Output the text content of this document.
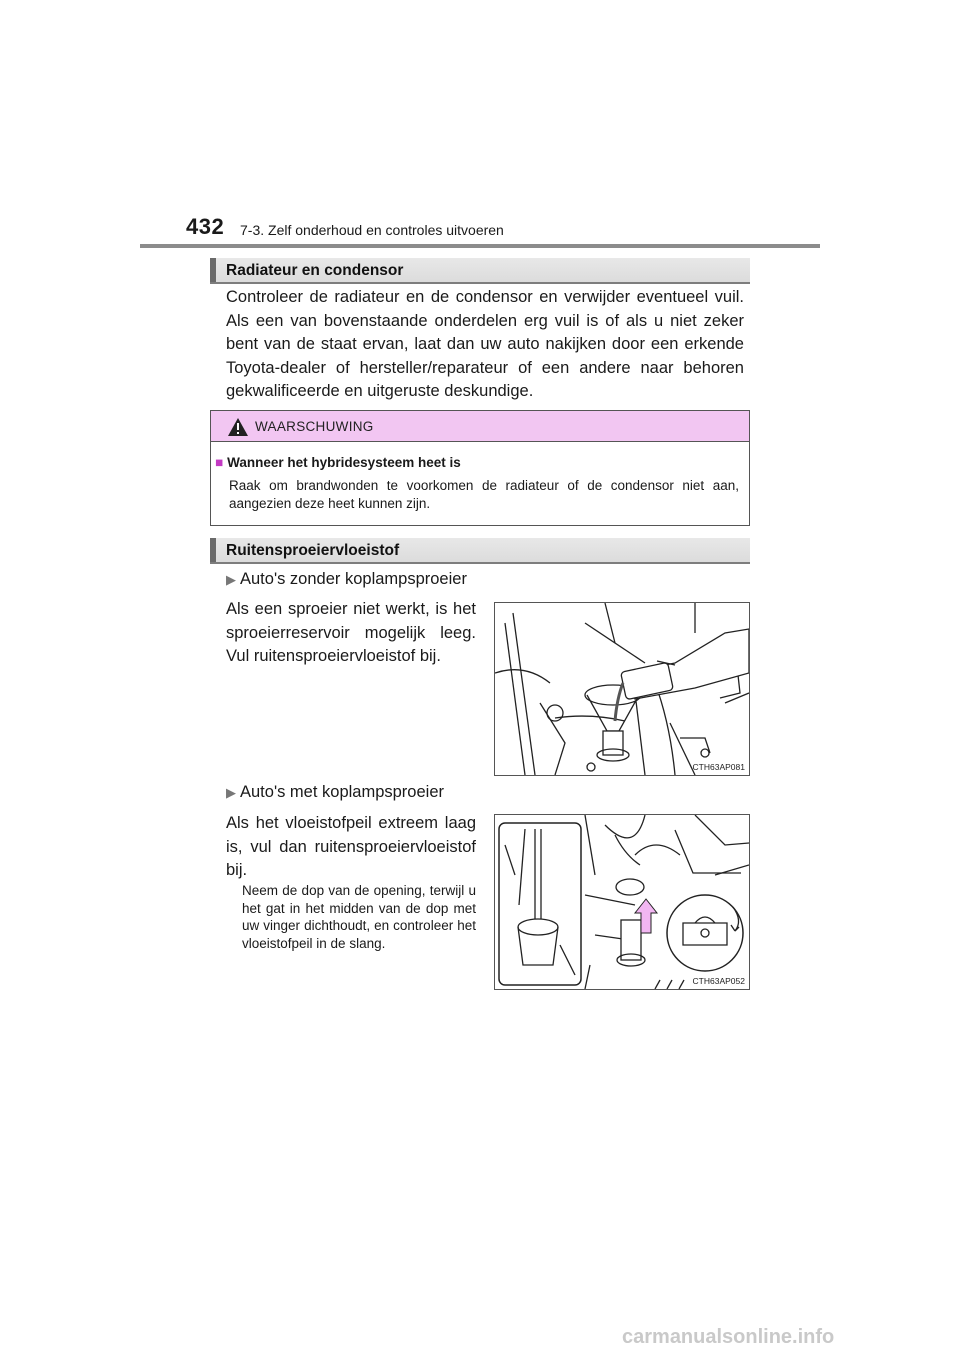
432 7-3. Zelf onderhoud en controles uitvoeren
Radiateur en condensor
Controleer de radiateur en de condensor en verwijder eventueel vuil. Als een van bovenstaande onderdelen erg vuil is of als u niet zeker bent van de staat ervan, laat dan uw auto nakijken door een erkende Toyota-dealer of hersteller/reparateur of een andere naar behoren gekwalificeerde en uitgeruste deskundige.
WAARSCHUWING
■ Wanneer het hybridesysteem heet is
Raak om brandwonden te voorkomen de radiateur of de condensor niet aan, aangezien deze heet kunnen zijn.
Ruitensproeiervloeistof
▶ Auto's zonder koplampsproeier
Als een sproeier niet werkt, is het sproeierreservoir mogelijk leeg. Vul ruitensproeiervloeistof bij.
CTH63AP081
▶ Auto's met koplampsproeier
Als het vloeistofpeil extreem laag is, vul dan ruitensproeiervloeistof bij.
Neem de dop van de opening, terwijl u het gat in het midden van de dop met uw vinger dichthoudt, en controleer het vloeistofpeil in de slang.
CTH63AP052
carmanualsonline.info
